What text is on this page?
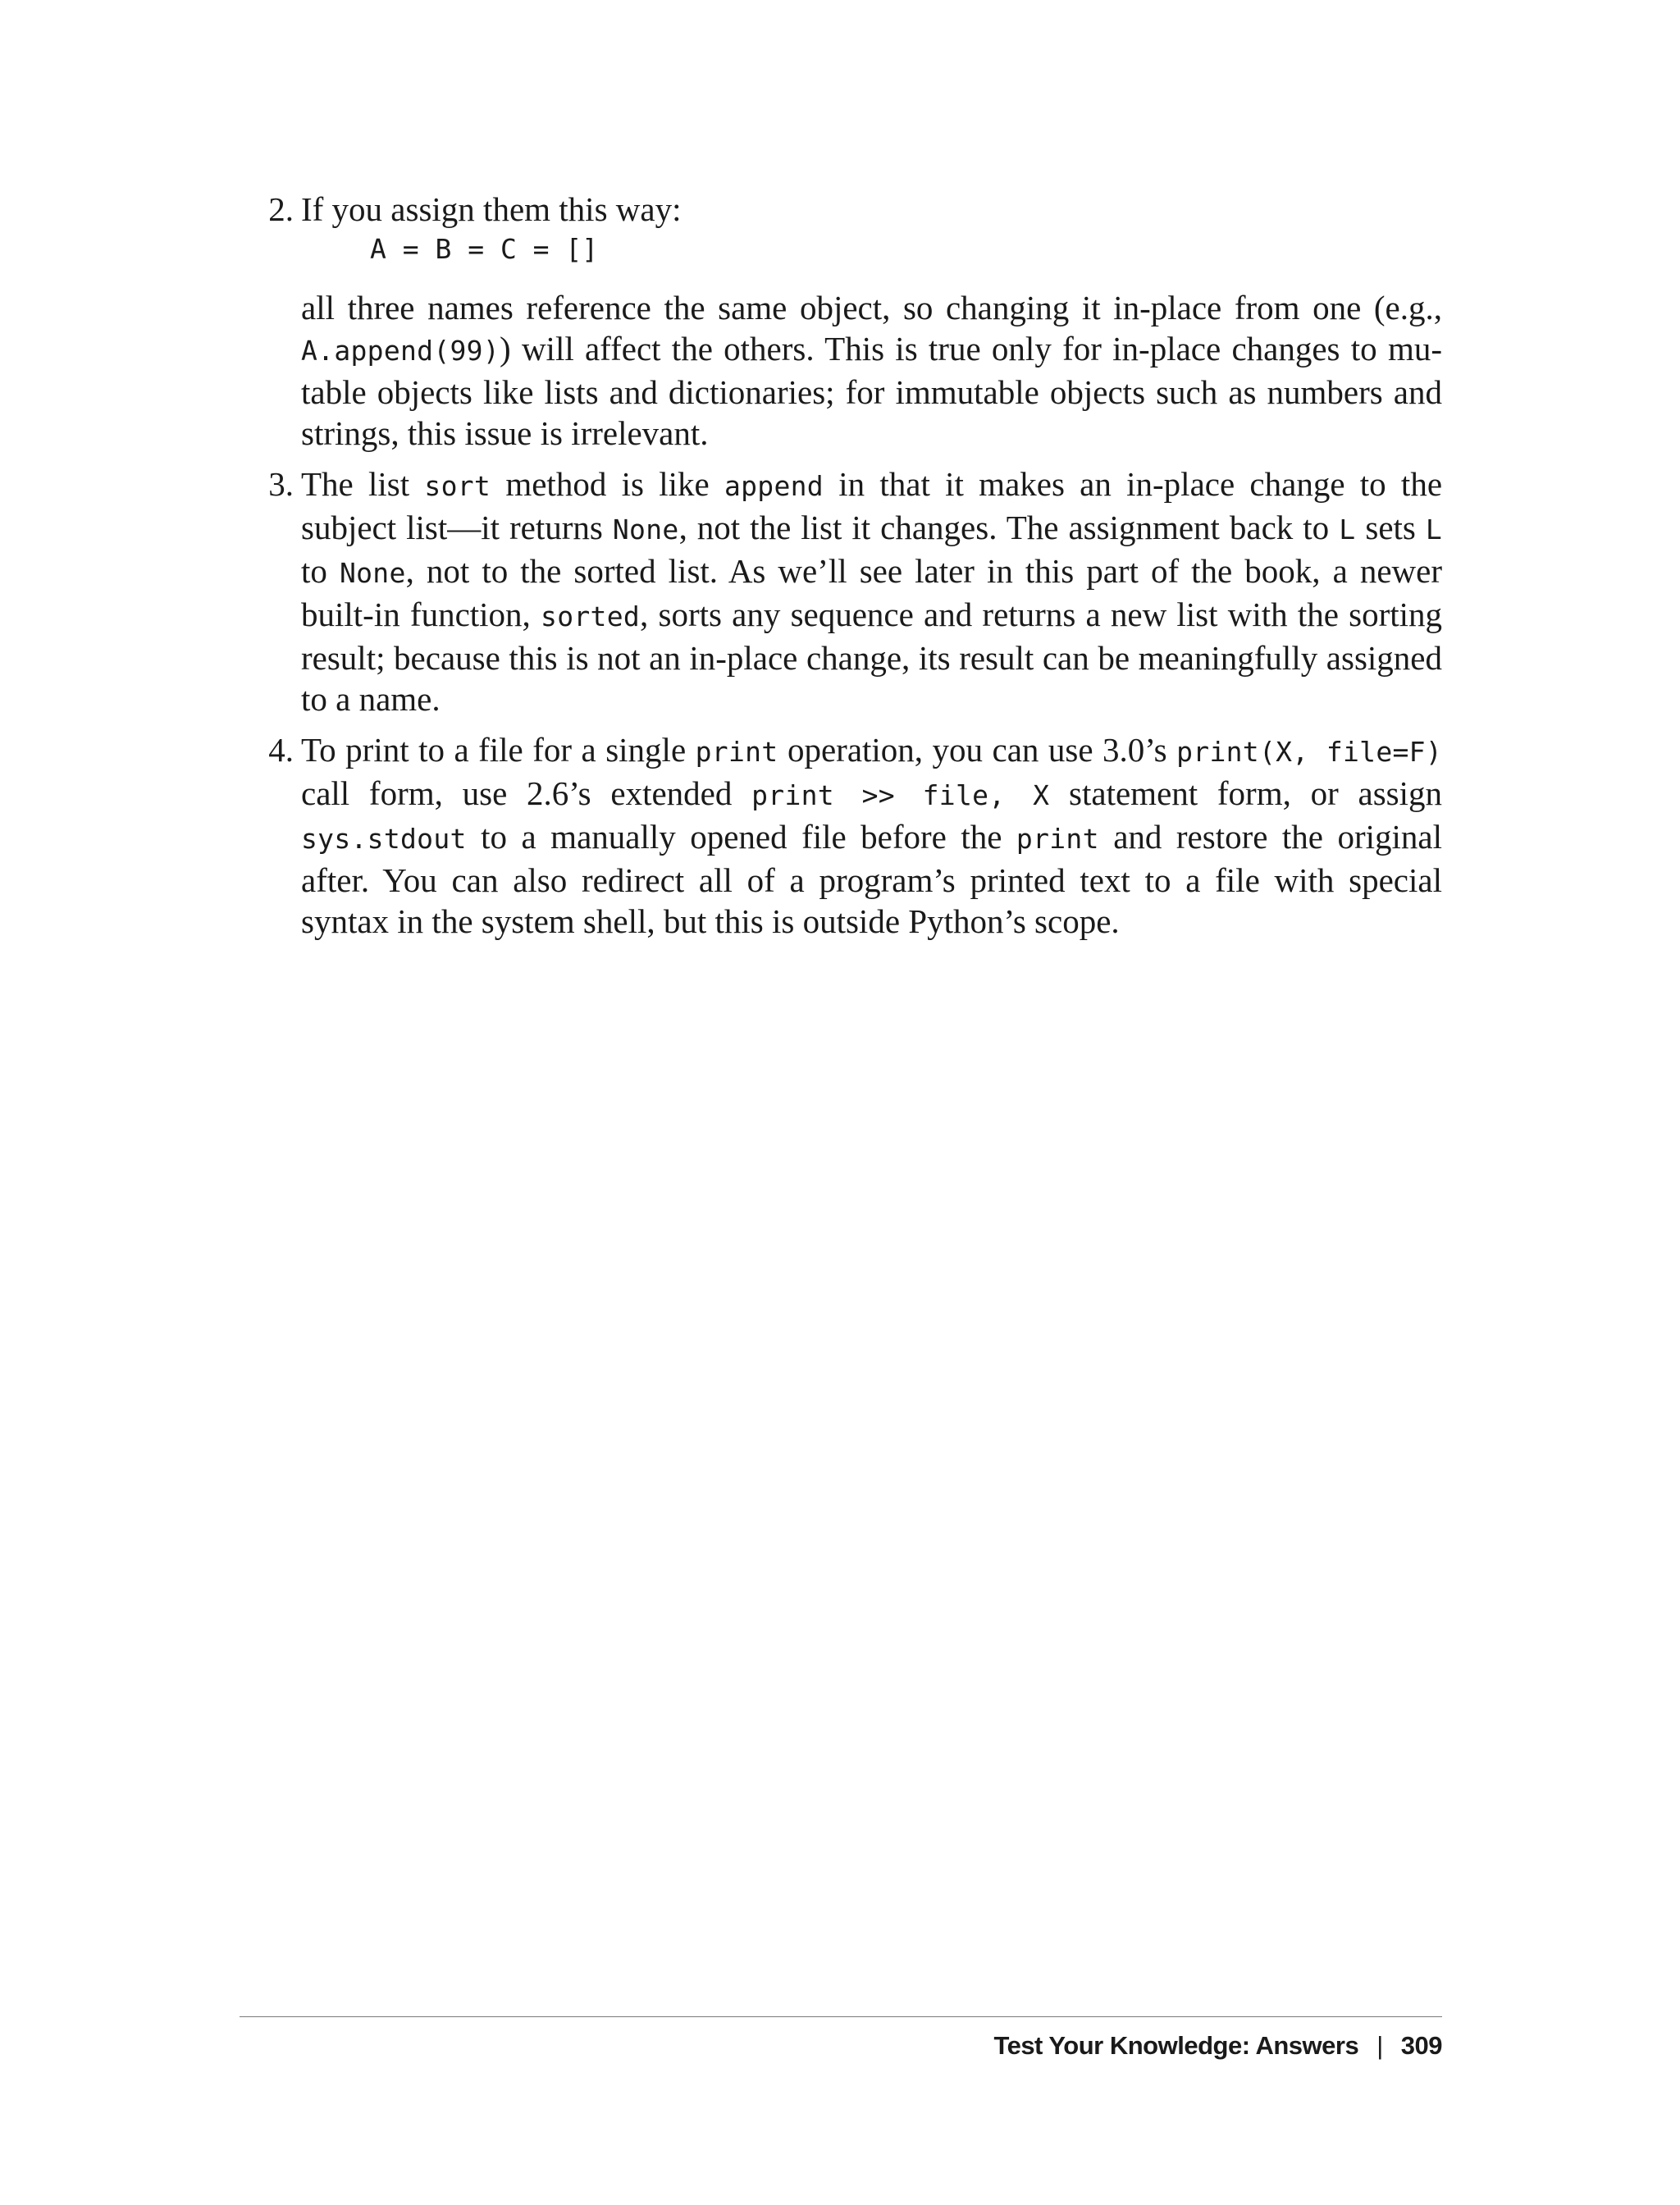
2. If you assign them this way:

A = B = C = []

all three names reference the same object, so changing it in-place from one (e.g., A.append(99)) will affect the others. This is true only for in-place changes to mu-table objects like lists and dictionaries; for immutable objects such as numbers and strings, this issue is irrelevant.

3. The list sort method is like append in that it makes an in-place change to the subject list—it returns None, not the list it changes. The assignment back to L sets L to None, not to the sorted list. As we’ll see later in this part of the book, a newer built-in function, sorted, sorts any sequence and returns a new list with the sorting result; because this is not an in-place change, its result can be meaningfully assigned to a name.

4. To print to a file for a single print operation, you can use 3.0’s print(X, file=F) call form, use 2.6’s extended print >> file, X statement form, or assign sys.stdout to a manually opened file before the print and restore the original after. You can also redirect all of a program’s printed text to a file with special syntax in the system shell, but this is outside Python’s scope.

Test Your Knowledge: Answers | 309
